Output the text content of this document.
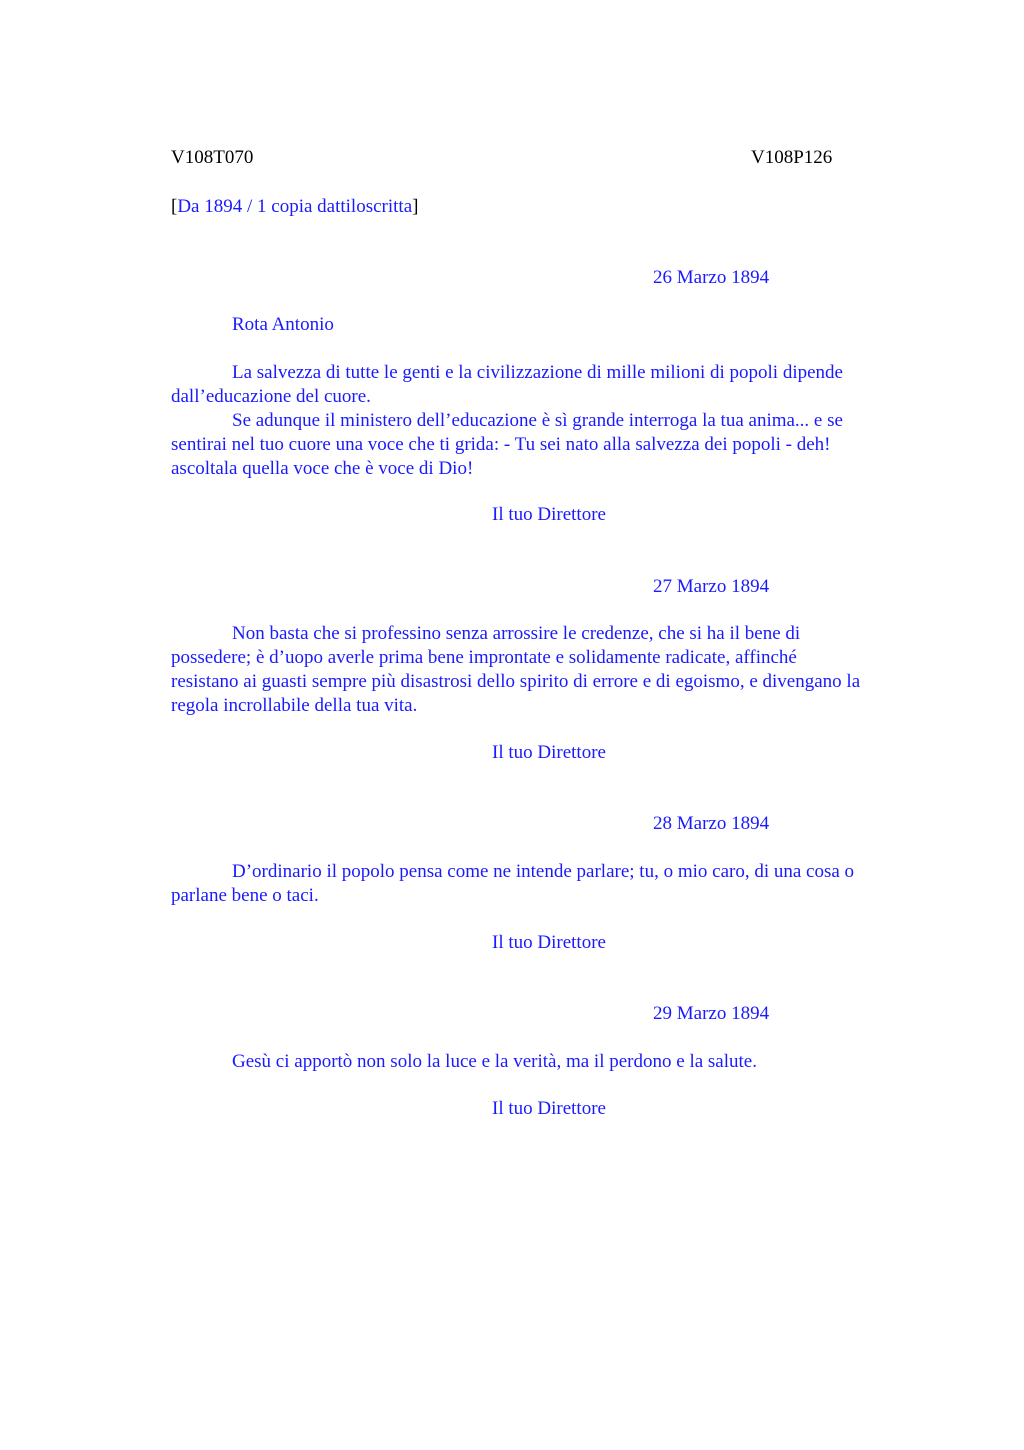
V108T070	V108P126
[Da 1894 / 1 copia dattiloscritta]
26 Marzo 1894
Rota Antonio
La salvezza di tutte le genti e la civilizzazione di mille milioni di popoli dipende
dall’educazione del cuore.
Se adunque il ministero dell’educazione è sì grande interroga la tua anima... e se
sentirai nel tuo cuore una voce che ti grida: - Tu sei nato alla salvezza dei popoli - deh!
ascoltala quella voce che è voce di Dio!
Il tuo Direttore
27 Marzo 1894
Non basta che si professino senza arrossire le credenze, che si ha il bene di
possedere; è d’uopo averle prima bene improntate e solidamente radicate, affinché
resistano ai guasti sempre più disastrosi dello spirito di errore e di egoismo, e divengano la
regola incrollabile della tua vita.
Il tuo Direttore
28 Marzo 1894
D’ordinario il popolo pensa come ne intende parlare; tu, o mio caro, di una cosa o
parlane bene o taci.
Il tuo Direttore
29 Marzo 1894
Gesù ci apportò non solo la luce e la verità, ma il perdono e la salute.
Il tuo Direttore
